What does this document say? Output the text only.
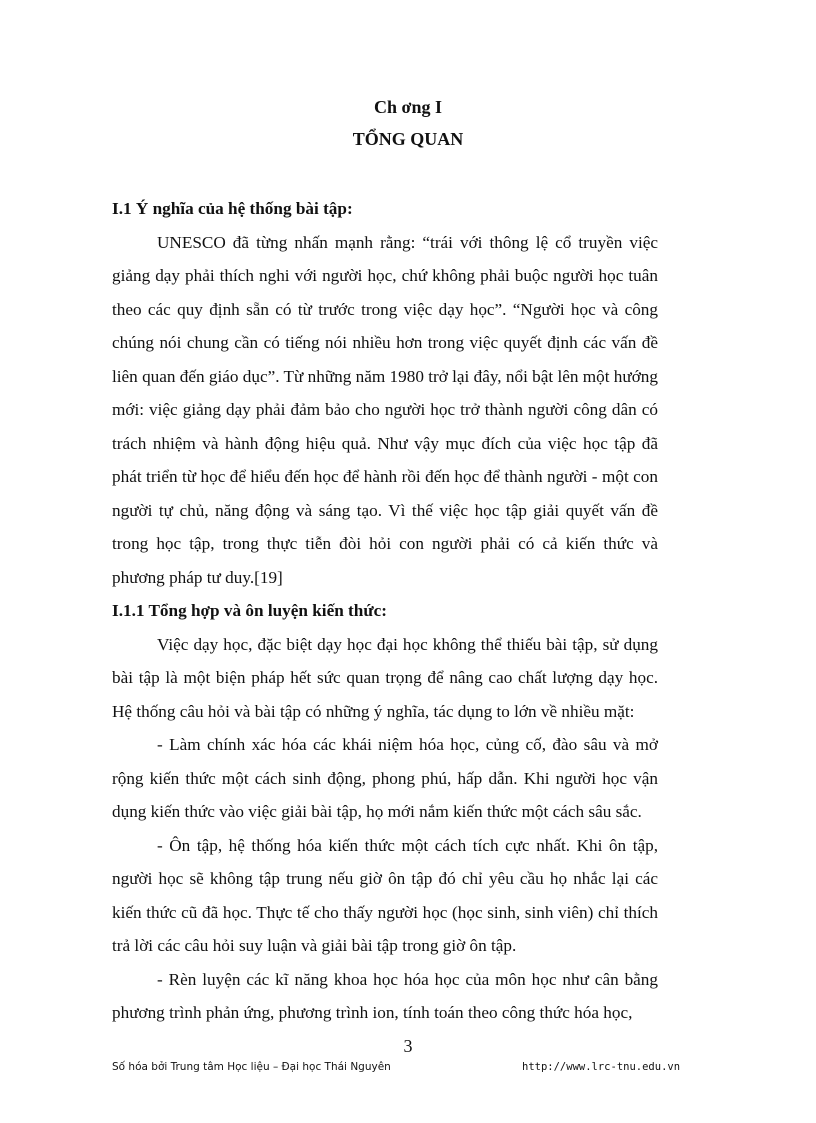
Ch ơng I
TỔNG QUAN
I.1 Ý nghĩa của hệ thống bài tập:

UNESCO đã từng nhấn mạnh rằng: “trái với thông lệ cổ truyền việc giảng dạy phải thích nghi với người học, chứ không phải buộc người học tuân theo các quy định sẵn có từ trước trong việc dạy học”. “Người học và công chúng nói chung cần có tiếng nói nhiều hơn trong việc quyết định các vấn đề liên quan đến giáo dục”. Từ những năm 1980 trở lại đây, nổi bật lên một hướng mới: việc giảng dạy phải đảm bảo cho người học trở thành người công dân có trách nhiệm và hành động hiệu quả. Như vậy mục đích của việc học tập đã phát triển từ học để hiểu đến học để hành rồi đến học để thành người - một con người tự chủ, năng động và sáng tạo. Vì thế việc học tập giải quyết vấn đề trong học tập, trong thực tiễn đòi hỏi con người phải có cả kiến thức và phương pháp tư duy.[19]

I.1.1 Tổng hợp và ôn luyện kiến thức:

Việc dạy học, đặc biệt dạy học đại học không thể thiếu bài tập, sử dụng bài tập là một biện pháp hết sức quan trọng để nâng cao chất lượng dạy học. Hệ thống câu hỏi và bài tập có những ý nghĩa, tác dụng to lớn về nhiều mặt:

- Làm chính xác hóa các khái niệm hóa học, củng cố, đào sâu và mở rộng kiến thức một cách sinh động, phong phú, hấp dẫn. Khi người học vận dụng kiến thức vào việc giải bài tập, họ mới nắm kiến thức một cách sâu sắc.

- Ôn tập, hệ thống hóa kiến thức một cách tích cực nhất. Khi ôn tập, người học sẽ không tập trung nếu giờ ôn tập đó chỉ yêu cầu họ nhắc lại các kiến thức cũ đã học. Thực tế cho thấy người học (học sinh, sinh viên) chỉ thích trả lời các câu hỏi suy luận và giải bài tập trong giờ ôn tập.

- Rèn luyện các kĩ năng khoa học hóa học của môn học như cân bằng phương trình phản ứng, phương trình ion, tính toán theo công thức hóa học,

3
Số hóa bởi Trung tâm Học liệu – Đại học Thái Nguyên	http://www.lrc-tnu.edu.vn
